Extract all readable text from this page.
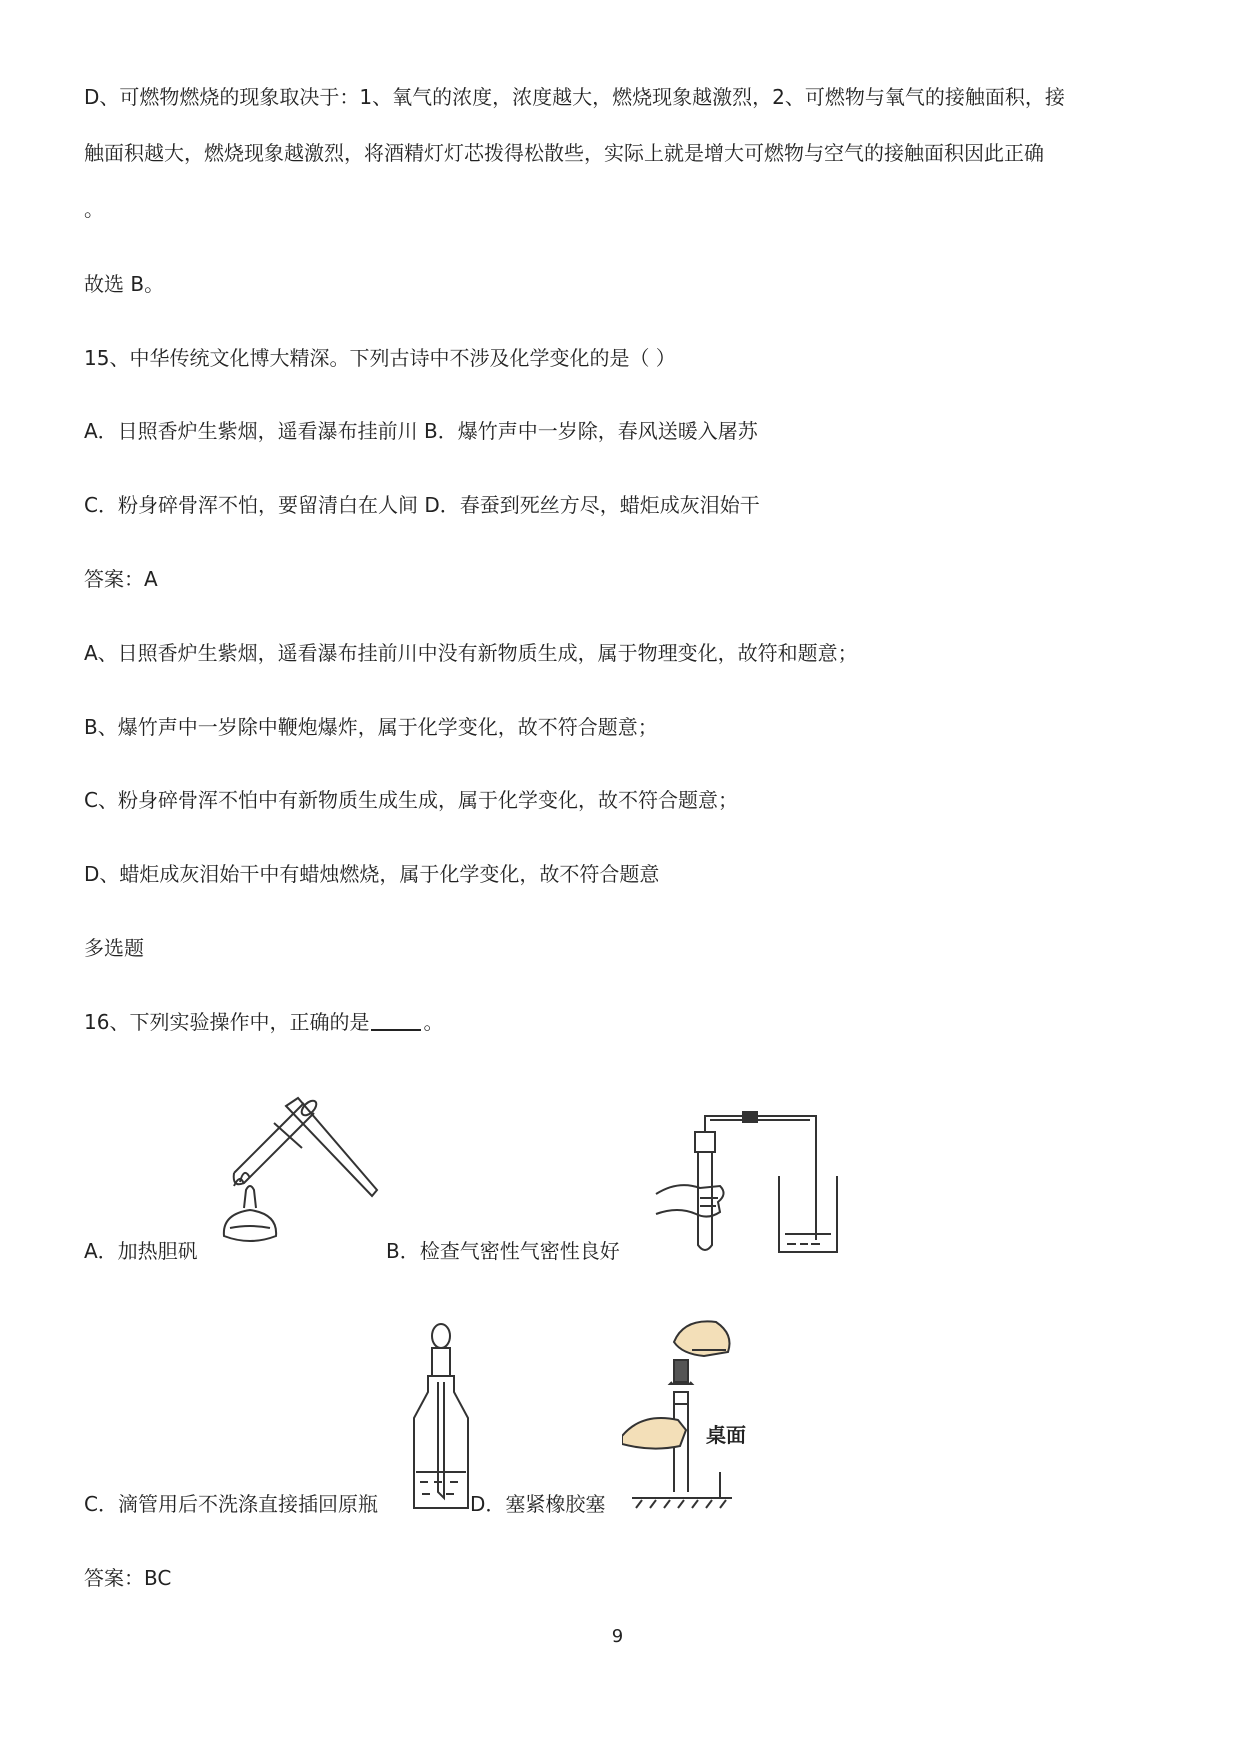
D、可燃物燃烧的现象取决于：1、氧气的浓度，浓度越大，燃烧现象越激烈，2、可燃物与氧气的接触面积，接
触面积越大，燃烧现象越激烈，将酒精灯灯芯拨得松散些，实际上就是增大可燃物与空气的接触面积因此正确
。
故选 B。
15、中华传统文化博大精深。下列古诗中不涉及化学变化的是（ ）
A．日照香炉生紫烟，遥看瀑布挂前川 B．爆竹声中一岁除，春风送暖入屠苏
C．粉身碎骨浑不怕，要留清白在人间 D．春蚕到死丝方尽，蜡炬成灰泪始干
答案：A
A、日照香炉生紫烟，遥看瀑布挂前川中没有新物质生成，属于物理变化，故符和题意；
B、爆竹声中一岁除中鞭炮爆炸，属于化学变化，故不符合题意；
C、粉身碎骨浑不怕中有新物质生成生成，属于化学变化，故不符合题意；
D、蜡炬成灰泪始干中有蜡烛燃烧，属于化学变化，故不符合题意
多选题
16、下列实验操作中，正确的是	。
A．加热胆矾	B．检查气密性气密性良好
C．滴管用后不洗涤直接插回原瓶	D．塞紧橡胶塞
答案：BC
桌面
9
